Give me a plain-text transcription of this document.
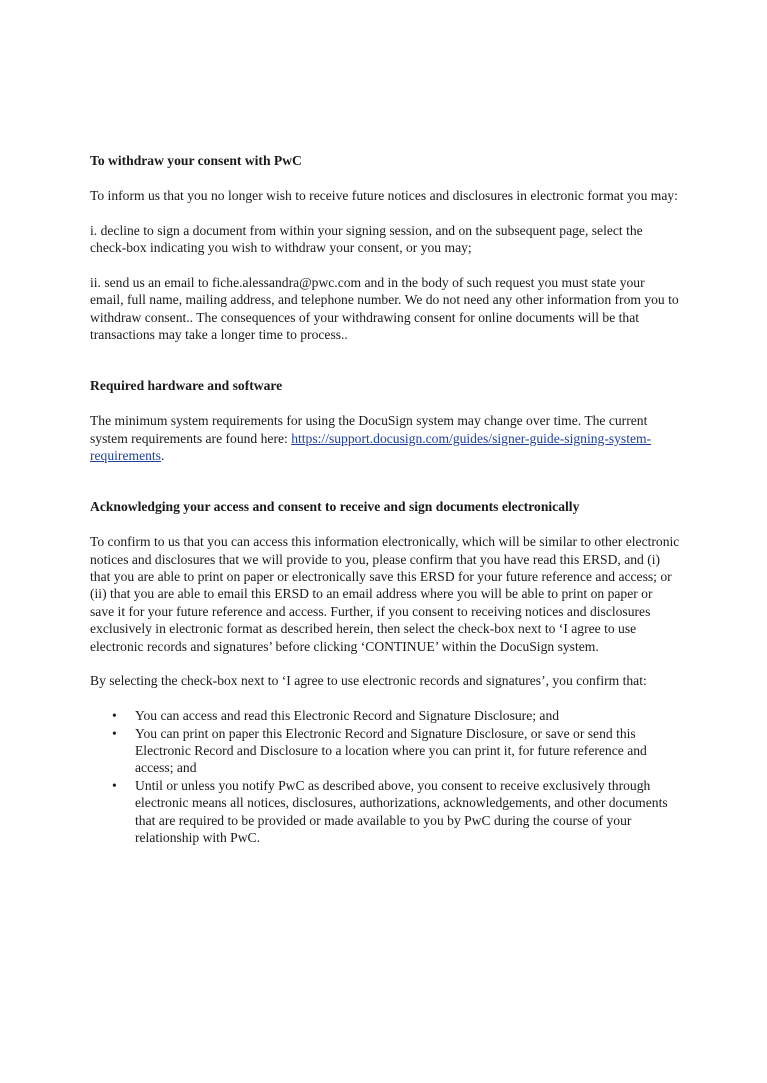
To withdraw your consent with PwC

To inform us that you no longer wish to receive future notices and disclosures in electronic format you may:

i. decline to sign a document from within your signing session, and on the subsequent page, select the check-box indicating you wish to withdraw your consent, or you may;

ii. send us an email to fiche.alessandra@pwc.com and in the body of such request you must state your email, full name, mailing address, and telephone number. We do not need any other information from you to withdraw consent.. The consequences of your withdrawing consent for online documents will be that transactions may take a longer time to process..

Required hardware and software

The minimum system requirements for using the DocuSign system may change over time. The current system requirements are found here: https://support.docusign.com/guides/signer-guide-signing-system-requirements.

Acknowledging your access and consent to receive and sign documents electronically

To confirm to us that you can access this information electronically, which will be similar to other electronic notices and disclosures that we will provide to you, please confirm that you have read this ERSD, and (i) that you are able to print on paper or electronically save this ERSD for your future reference and access; or (ii) that you are able to email this ERSD to an email address where you will be able to print on paper or save it for your future reference and access. Further, if you consent to receiving notices and disclosures exclusively in electronic format as described herein, then select the check-box next to ‘I agree to use electronic records and signatures’ before clicking ‘CONTINUE’ within the DocuSign system.

By selecting the check-box next to ‘I agree to use electronic records and signatures’, you confirm that:

• You can access and read this Electronic Record and Signature Disclosure; and
• You can print on paper this Electronic Record and Signature Disclosure, or save or send this Electronic Record and Disclosure to a location where you can print it, for future reference and access; and
• Until or unless you notify PwC as described above, you consent to receive exclusively through electronic means all notices, disclosures, authorizations, acknowledgements, and other documents that are required to be provided or made available to you by PwC during the course of your relationship with PwC.
